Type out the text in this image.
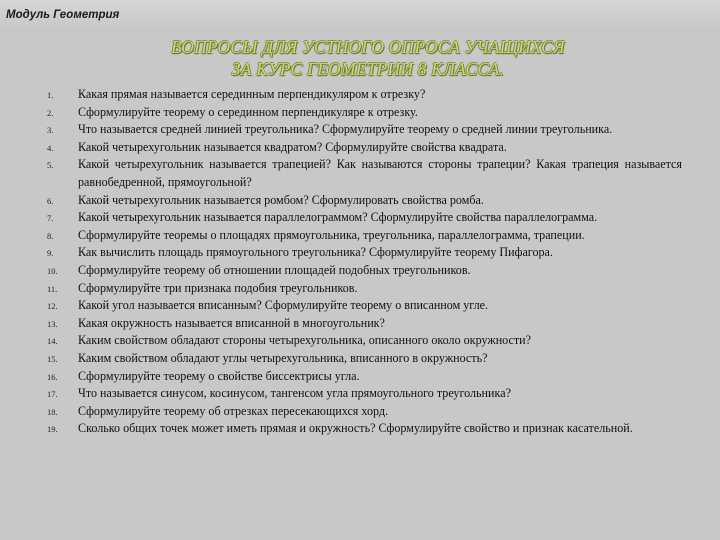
Модуль Геометрия
ВОПРОСЫ ДЛЯ УСТНОГО ОПРОСА УЧАЩИХСЯ
ЗА КУРС ГЕОМЕТРИИ 8 КЛАССА.
1. Какая прямая называется серединным перпендикуляром к отрезку?
2. Сформулируйте теорему о серединном перпендикуляре к отрезку.
3. Что называется средней линией треугольника? Сформулируйте теорему о средней линии треугольника.
4. Какой четырехугольник называется квадратом? Сформулируйте свойства квадрата.
5. Какой четырехугольник называется трапецией? Как называются стороны трапеции? Какая трапеция называется равнобедренной, прямоугольной?
6. Какой четырехугольник называется ромбом? Сформулировать свойства ромба.
7. Какой четырехугольник называется параллелограммом? Сформулируйте свойства параллелограмма.
8. Сформулируйте теоремы о площадях прямоугольника, треугольника, параллелограмма, трапеции.
9. Как вычислить площадь прямоугольного треугольника? Сформулируйте теорему Пифагора.
10. Сформулируйте теорему об отношении площадей подобных треугольников.
11. Сформулируйте три признака подобия треугольников.
12. Какой угол называется вписанным? Сформулируйте теорему о вписанном угле.
13. Какая окружность называется вписанной в многоугольник?
14. Каким свойством обладают стороны четырехугольника, описанного около окружности?
15. Каким свойством обладают углы четырехугольника, вписанного в окружность?
16. Сформулируйте теорему о свойстве биссектрисы угла.
17. Что называется синусом, косинусом, тангенсом угла прямоугольного треугольника?
18. Сформулируйте теорему об отрезках пересекающихся хорд.
19. Сколько общих точек может иметь прямая и окружность? Сформулируйте свойство и признак касательной.
